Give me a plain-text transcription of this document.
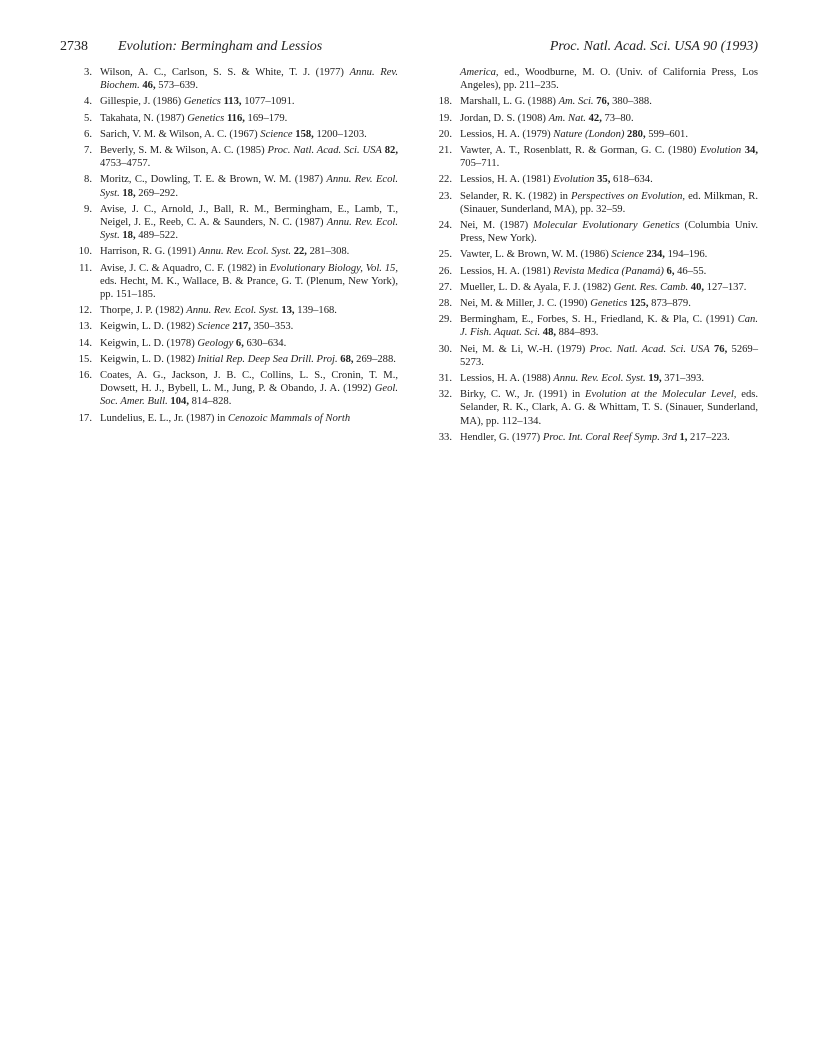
2738 Evolution: Bermingham and Lessios	Proc. Natl. Acad. Sci. USA 90 (1993)
3. Wilson, A. C., Carlson, S. S. & White, T. J. (1977) Annu. Rev. Biochem. 46, 573–639.
4. Gillespie, J. (1986) Genetics 113, 1077–1091.
5. Takahata, N. (1987) Genetics 116, 169–179.
6. Sarich, V. M. & Wilson, A. C. (1967) Science 158, 1200–1203.
7. Beverly, S. M. & Wilson, A. C. (1985) Proc. Natl. Acad. Sci. USA 82, 4753–4757.
8. Moritz, C., Dowling, T. E. & Brown, W. M. (1987) Annu. Rev. Ecol. Syst. 18, 269–292.
9. Avise, J. C., Arnold, J., Ball, R. M., Bermingham, E., Lamb, T., Neigel, J. E., Reeb, C. A. & Saunders, N. C. (1987) Annu. Rev. Ecol. Syst. 18, 489–522.
10. Harrison, R. G. (1991) Annu. Rev. Ecol. Syst. 22, 281–308.
11. Avise, J. C. & Aquadro, C. F. (1982) in Evolutionary Biology, Vol. 15, eds. Hecht, M. K., Wallace, B. & Prance, G. T. (Plenum, New York), pp. 151–185.
12. Thorpe, J. P. (1982) Annu. Rev. Ecol. Syst. 13, 139–168.
13. Keigwin, L. D. (1982) Science 217, 350–353.
14. Keigwin, L. D. (1978) Geology 6, 630–634.
15. Keigwin, L. D. (1982) Initial Rep. Deep Sea Drill. Proj. 68, 269–288.
16. Coates, A. G., Jackson, J. B. C., Collins, L. S., Cronin, T. M., Dowsett, H. J., Bybell, L. M., Jung, P. & Obando, J. A. (1992) Geol. Soc. Amer. Bull. 104, 814–828.
17. Lundelius, E. L., Jr. (1987) in Cenozoic Mammals of North
America, ed., Woodburne, M. O. (Univ. of California Press, Los Angeles), pp. 211–235.
18. Marshall, L. G. (1988) Am. Sci. 76, 380–388.
19. Jordan, D. S. (1908) Am. Nat. 42, 73–80.
20. Lessios, H. A. (1979) Nature (London) 280, 599–601.
21. Vawter, A. T., Rosenblatt, R. & Gorman, G. C. (1980) Evolution 34, 705–711.
22. Lessios, H. A. (1981) Evolution 35, 618–634.
23. Selander, R. K. (1982) in Perspectives on Evolution, ed. Milkman, R. (Sinauer, Sunderland, MA), pp. 32–59.
24. Nei, M. (1987) Molecular Evolutionary Genetics (Columbia Univ. Press, New York).
25. Vawter, L. & Brown, W. M. (1986) Science 234, 194–196.
26. Lessios, H. A. (1981) Revista Medica (Panamá) 6, 46–55.
27. Mueller, L. D. & Ayala, F. J. (1982) Gent. Res. Camb. 40, 127–137.
28. Nei, M. & Miller, J. C. (1990) Genetics 125, 873–879.
29. Bermingham, E., Forbes, S. H., Friedland, K. & Pla, C. (1991) Can. J. Fish. Aquat. Sci. 48, 884–893.
30. Nei, M. & Li, W.-H. (1979) Proc. Natl. Acad. Sci. USA 76, 5269–5273.
31. Lessios, H. A. (1988) Annu. Rev. Ecol. Syst. 19, 371–393.
32. Birky, C. W., Jr. (1991) in Evolution at the Molecular Level, eds. Selander, R. K., Clark, A. G. & Whittam, T. S. (Sinauer, Sunderland, MA), pp. 112–134.
33. Hendler, G. (1977) Proc. Int. Coral Reef Symp. 3rd 1, 217–223.
